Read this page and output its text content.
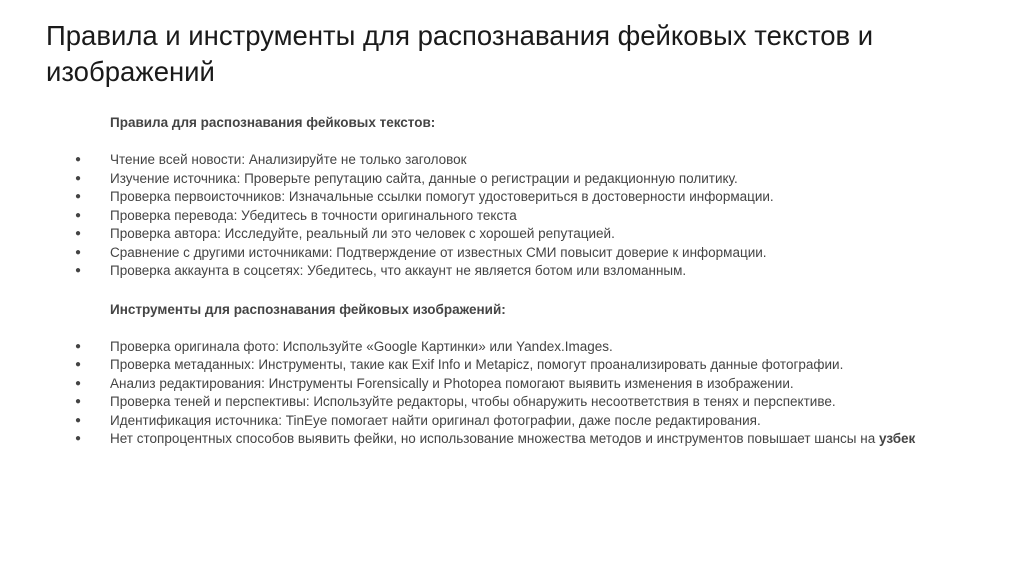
Правила и инструменты для распознавания фейковых текстов и изображений
Правила для распознавания фейковых текстов:
● Чтение всей новости: Анализируйте не только заголовок
● Изучение источника: Проверьте репутацию сайта, данные о регистрации и редакционную политику.
● Проверка первоисточников: Изначальные ссылки помогут удостовериться в достоверности информации.
● Проверка перевода: Убедитесь в точности оригинального текста
● Проверка автора: Исследуйте, реальный ли это человек с хорошей репутацией.
● Сравнение с другими источниками: Подтверждение от известных СМИ повысит доверие к информации.
● Проверка аккаунта в соцсетях: Убедитесь, что аккаунт не является ботом или взломанным.
Инструменты для распознавания фейковых изображений:
● Проверка оригинала фото: Используйте «Google Картинки» или Yandex.Images.
● Проверка метаданных: Инструменты, такие как Exif Info и Metapicz, помогут проанализировать данные фотографии.
● Анализ редактирования: Инструменты Forensically и Photopea помогают выявить изменения в изображении.
● Проверка теней и перспективы: Используйте редакторы, чтобы обнаружить несоответствия в тенях и перспективе.
● Идентификация источника: TinEye помогает найти оригинал фотографии, даже после редактирования.
● Нет стопроцентных способов выявить фейки, но использование множества методов и инструментов повышает шансы на узбек
